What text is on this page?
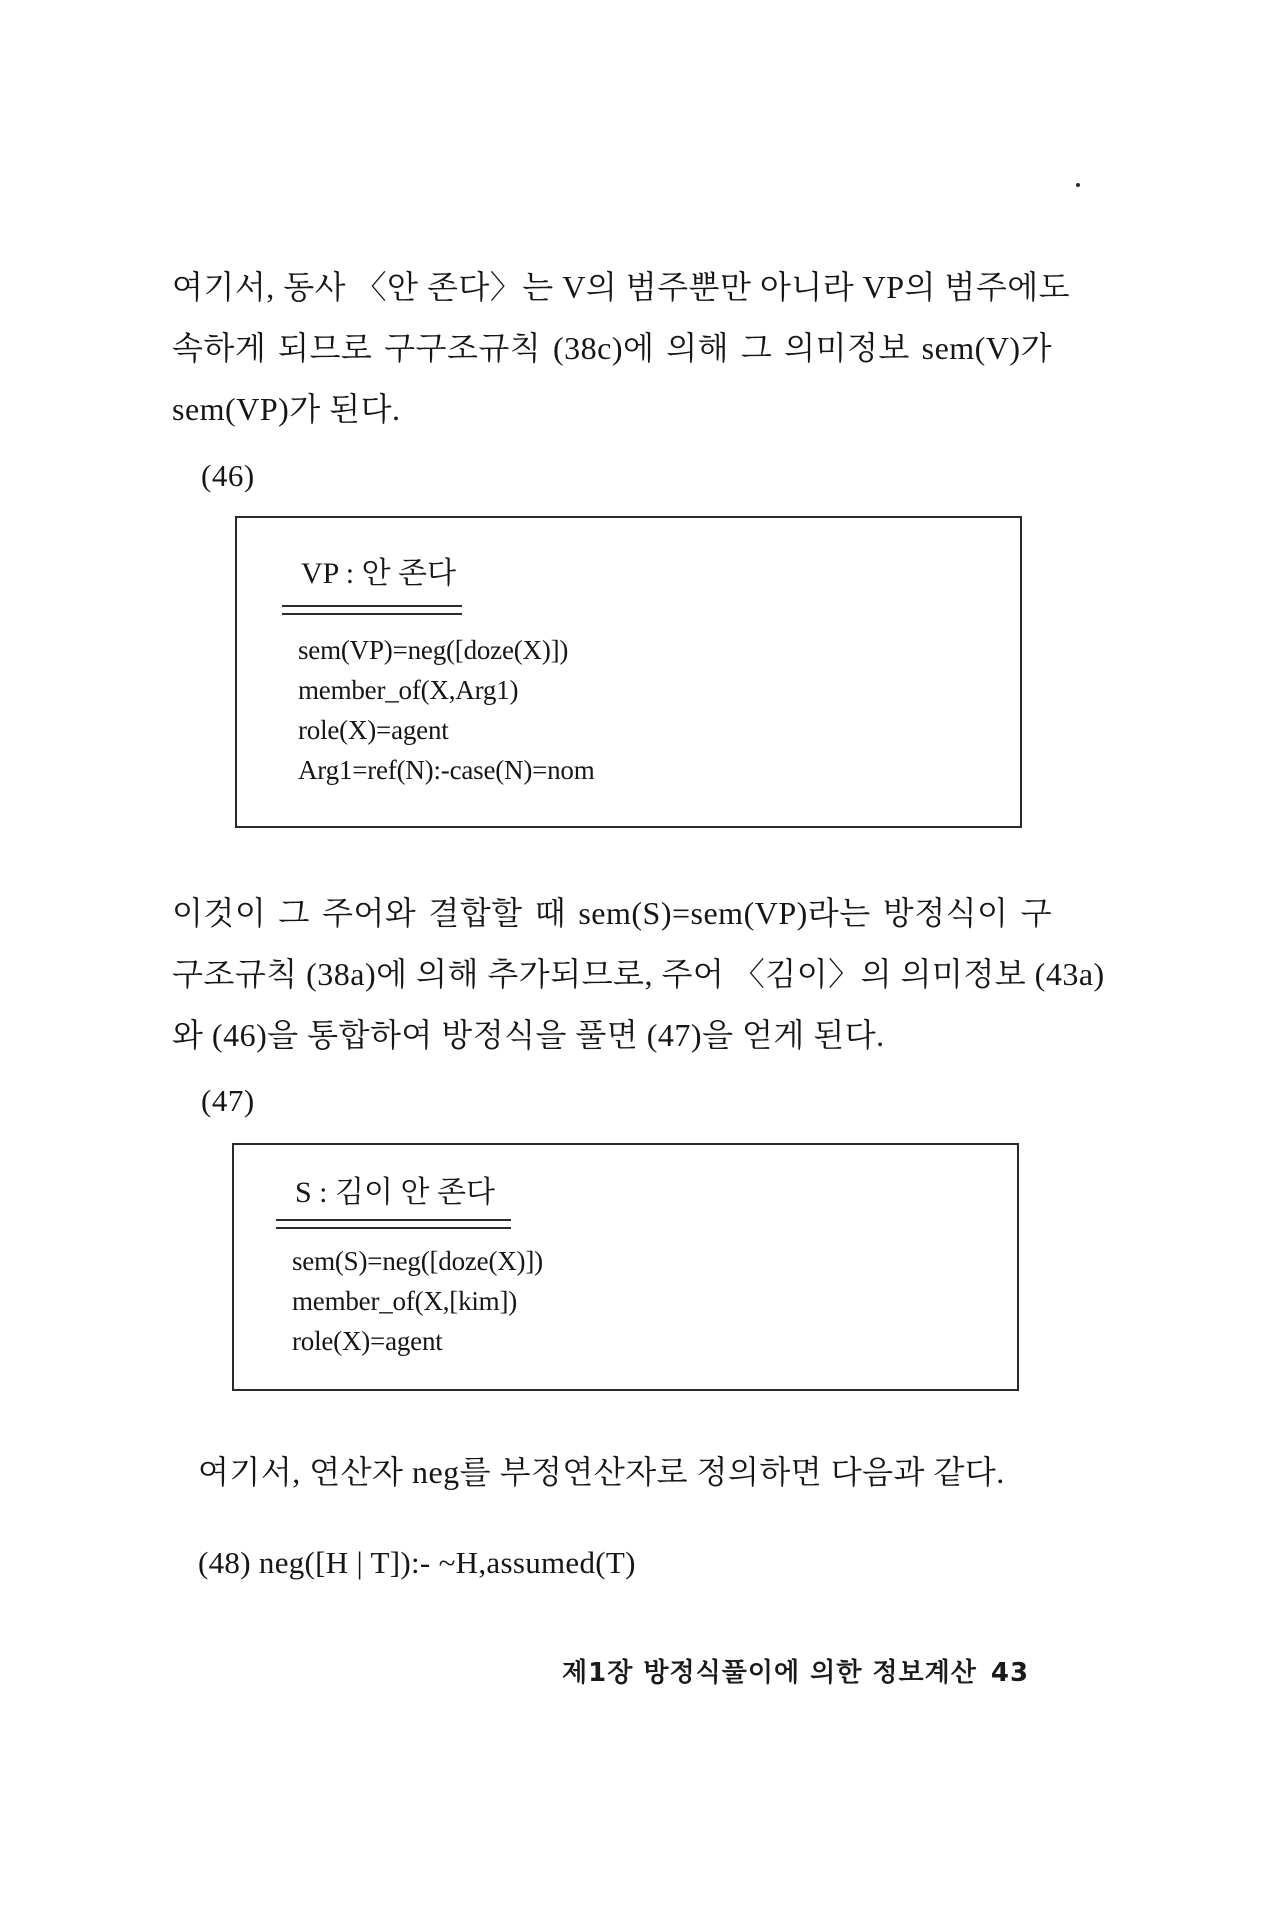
여기서, 동사 〈안 존다〉는 V의 범주뿐만 아니라 VP의 범주에도
속하게 되므로 구구조규칙 (38c)에 의해 그 의미정보 sem(V)가
sem(VP)가 된다.

(46)
VP : 안 존다
sem(VP)=neg([doze(X)])
member_of(X,Arg1)
role(X)=agent
Arg1=ref(N):-case(N)=nom

이것이 그 주어와 결합할 때 sem(S)=sem(VP)라는 방정식이 구
구조규칙 (38a)에 의해 추가되므로, 주어 〈김이〉의 의미정보 (43a)
와 (46)을 통합하여 방정식을 풀면 (47)을 얻게 된다.

(47)
S : 김이 안 존다
sem(S)=neg([doze(X)])
member_of(X,[kim])
role(X)=agent

여기서, 연산자 neg를 부정연산자로 정의하면 다음과 같다.

(48) neg([H | T]):- ~H,assumed(T)
제1장 방정식풀이에 의한 정보계산 43
